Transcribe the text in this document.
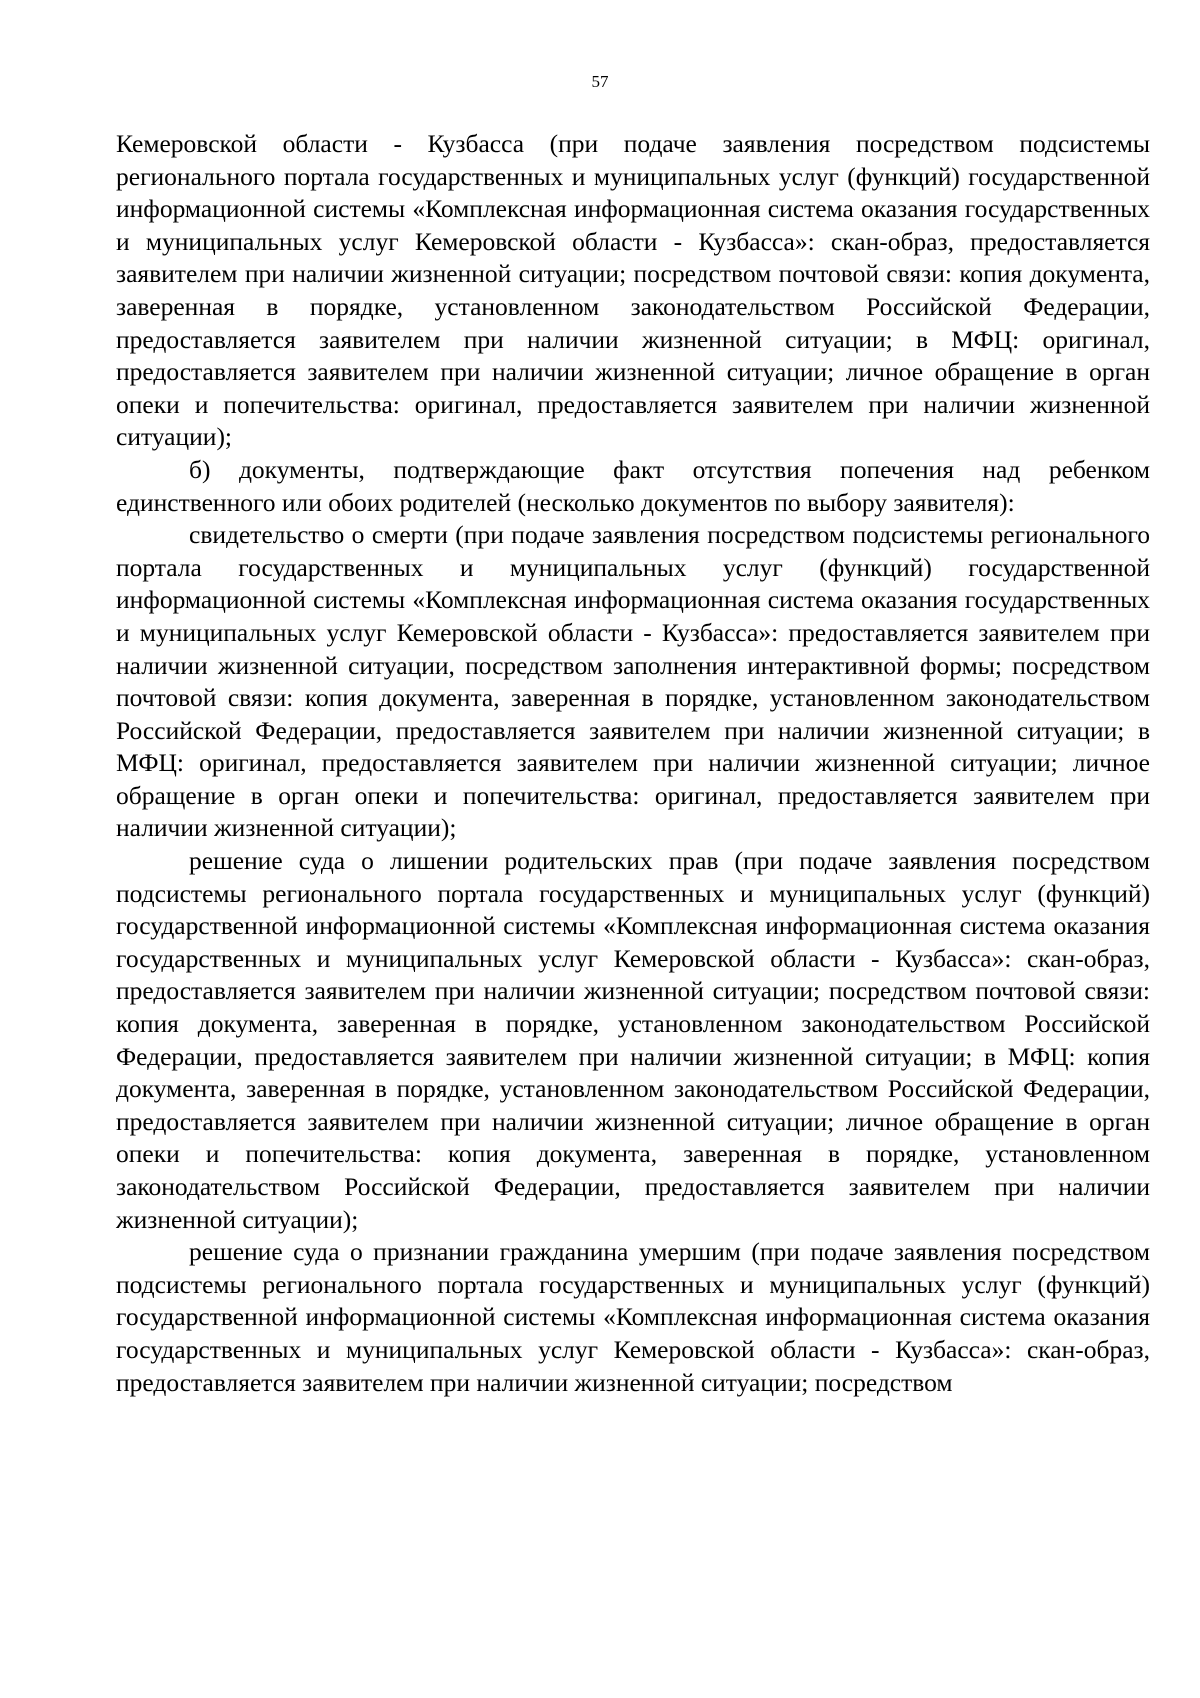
57

Кемеровской области - Кузбасса (при подаче заявления посредством подсистемы регионального портала государственных и муниципальных услуг (функций) государственной информационной системы «Комплексная информационная система оказания государственных и муниципальных услуг Кемеровской области - Кузбасса»: скан-образ, предоставляется заявителем при наличии жизненной ситуации; посредством почтовой связи: копия документа, заверенная в порядке, установленном законодательством Российской Федерации, предоставляется заявителем при наличии жизненной ситуации; в МФЦ: оригинал, предоставляется заявителем при наличии жизненной ситуации; личное обращение в орган опеки и попечительства: оригинал, предоставляется заявителем при наличии жизненной ситуации);

б) документы, подтверждающие факт отсутствия попечения над ребенком единственного или обоих родителей (несколько документов по выбору заявителя):

свидетельство о смерти (при подаче заявления посредством подсистемы регионального портала государственных и муниципальных услуг (функций) государственной информационной системы «Комплексная информационная система оказания государственных и муниципальных услуг Кемеровской области - Кузбасса»: предоставляется заявителем при наличии жизненной ситуации, посредством заполнения интерактивной формы; посредством почтовой связи: копия документа, заверенная в порядке, установленном законодательством Российской Федерации, предоставляется заявителем при наличии жизненной ситуации; в МФЦ: оригинал, предоставляется заявителем при наличии жизненной ситуации; личное обращение в орган опеки и попечительства: оригинал, предоставляется заявителем при наличии жизненной ситуации);

решение суда о лишении родительских прав (при подаче заявления посредством подсистемы регионального портала государственных и муниципальных услуг (функций) государственной информационной системы «Комплексная информационная система оказания государственных и муниципальных услуг Кемеровской области - Кузбасса»: скан-образ, предоставляется заявителем при наличии жизненной ситуации; посредством почтовой связи: копия документа, заверенная в порядке, установленном законодательством Российской Федерации, предоставляется заявителем при наличии жизненной ситуации; в МФЦ: копия документа, заверенная в порядке, установленном законодательством Российской Федерации, предоставляется заявителем при наличии жизненной ситуации; личное обращение в орган опеки и попечительства: копия документа, заверенная в порядке, установленном законодательством Российской Федерации, предоставляется заявителем при наличии жизненной ситуации);

решение суда о признании гражданина умершим (при подаче заявления посредством подсистемы регионального портала государственных и муниципальных услуг (функций) государственной информационной системы «Комплексная информационная система оказания государственных и муниципальных услуг Кемеровской области - Кузбасса»: скан-образ, предоставляется заявителем при наличии жизненной ситуации; посредством
